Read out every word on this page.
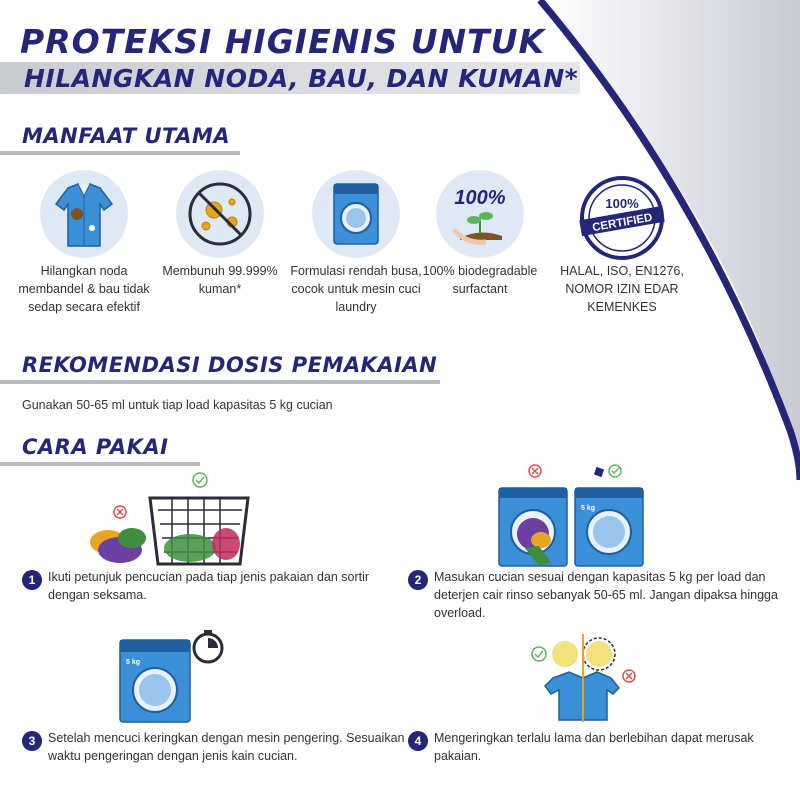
PROTEKSI HIGIENIS UNTUK
HILANGKAN NODA, BAU, DAN KUMAN*
MANFAAT UTAMA
Hilangkan noda membandel & bau tidak sedap secara efektif
Membunuh 99.999% kuman*
Formulasi rendah busa, cocok untuk mesin cuci laundry
100%
100% biodegradable surfactant
100%
CERTIFIED
HALAL, ISO, EN1276, NOMOR IZIN EDAR KEMENKES
REKOMENDASI DOSIS PEMAKAIAN
Gunakan 50-65 ml untuk tiap load kapasitas 5 kg cucian
CARA PAKAI
1	Ikuti petunjuk pencucian pada tiap jenis pakaian dan sortir dengan seksama.
5 kg
2	Masukan cucian sesuai dengan kapasitas 5 kg per load dan deterjen cair rinso sebanyak 50-65 ml. Jangan dipaksa hingga overload.
5 kg
3	Setelah mencuci keringkan dengan mesin pengering. Sesuaikan waktu pengeringan dengan jenis kain cucian.
4	Mengeringkan terlalu lama dan berlebihan dapat merusak pakaian.
